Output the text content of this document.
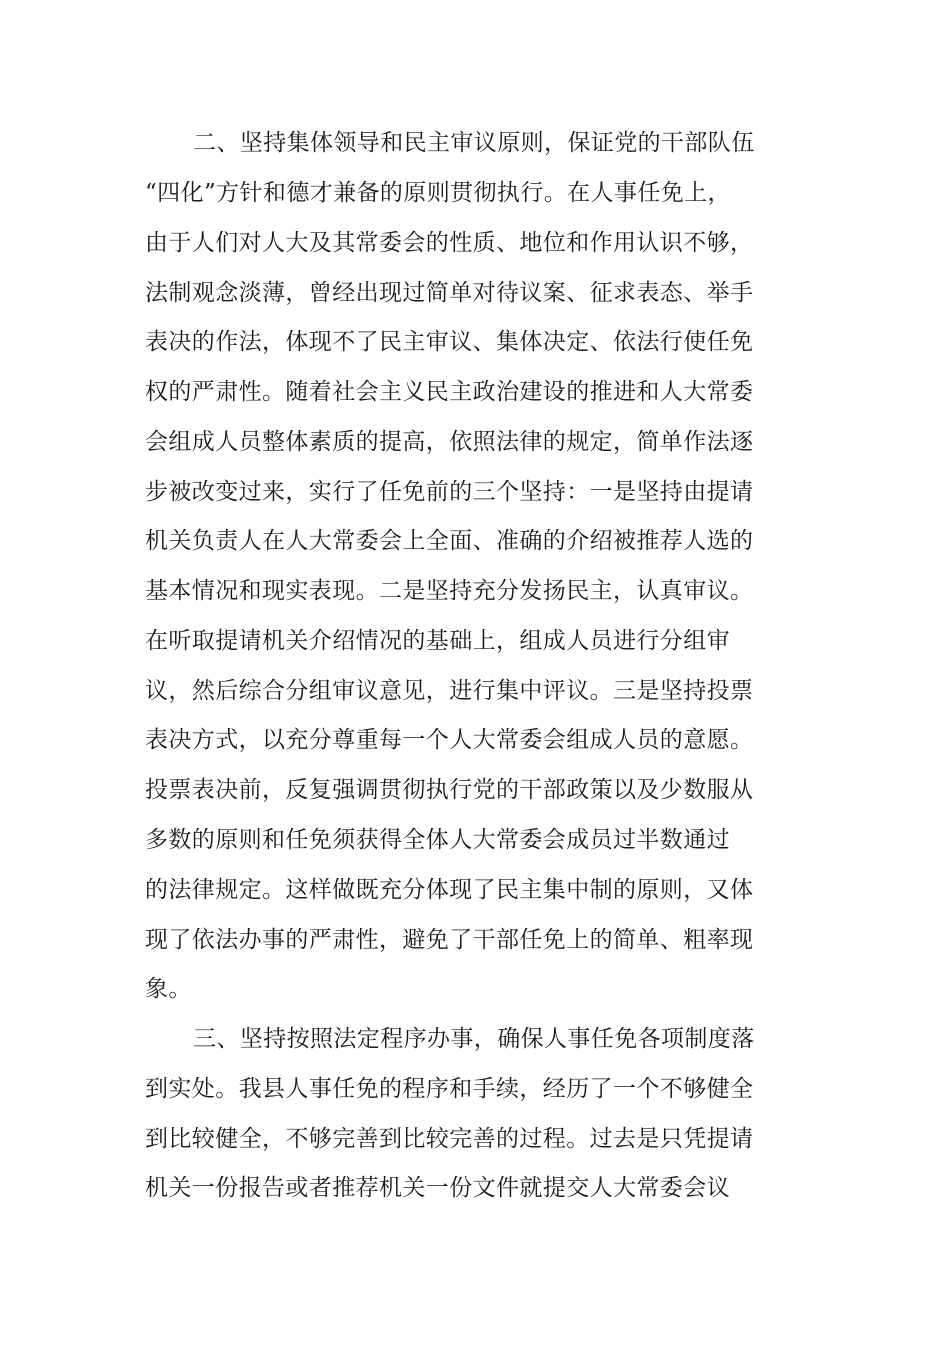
二、坚持集体领导和民主审议原则，保证党的干部队伍
“四化”方针和德才兼备的原则贯彻执行。在人事任免上，
由于人们对人大及其常委会的性质、地位和作用认识不够，
法制观念淡薄，曾经出现过简单对待议案、征求表态、举手
表决的作法，体现不了民主审议、集体决定、依法行使任免
权的严肃性。随着社会主义民主政治建设的推进和人大常委
会组成人员整体素质的提高，依照法律的规定，简单作法逐
步被改变过来，实行了任免前的三个坚持：一是坚持由提请
机关负责人在人大常委会上全面、准确的介绍被推荐人选的
基本情况和现实表现。二是坚持充分发扬民主，认真审议。
在听取提请机关介绍情况的基础上，组成人员进行分组审
议，然后综合分组审议意见，进行集中评议。三是坚持投票
表决方式，以充分尊重每一个人大常委会组成人员的意愿。
投票表决前，反复强调贯彻执行党的干部政策以及少数服从
多数的原则和任免须获得全体人大常委会成员过半数通过
的法律规定。这样做既充分体现了民主集中制的原则，又体
现了依法办事的严肃性，避免了干部任免上的简单、粗率现
象。
三、坚持按照法定程序办事，确保人事任免各项制度落
到实处。我县人事任免的程序和手续，经历了一个不够健全
到比较健全，不够完善到比较完善的过程。过去是只凭提请
机关一份报告或者推荐机关一份文件就提交人大常委会议
